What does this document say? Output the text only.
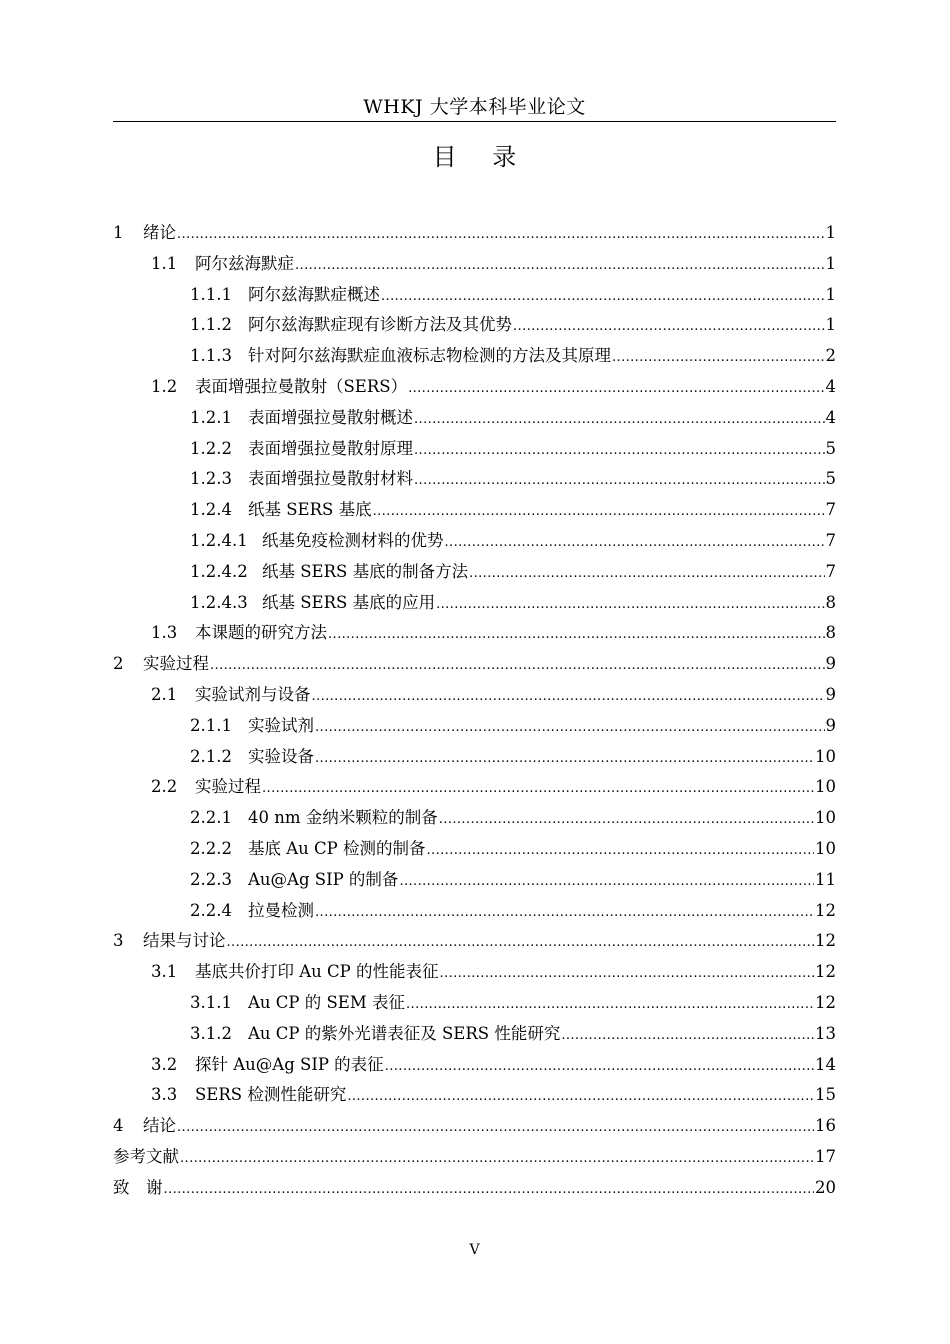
WHKJ 大学本科毕业论文
目 录
1	绪论 .....	1
1.1	阿尔兹海默症 .....	1
1.1.1 阿尔兹海默症概述 .....	1
1.1.2 阿尔兹海默症现有诊断方法及其优势 .....	1
1.1.3 针对阿尔兹海默症血液标志物检测的方法及其原理 .....	2
1.2	表面增强拉曼散射（SERS） .....	4
1.2.1 表面增强拉曼散射概述 .....	4
1.2.2 表面增强拉曼散射原理 .....	5
1.2.3 表面增强拉曼散射材料 .....	5
1.2.4 纸基 SERS 基底 .....	7
1.2.4.1 纸基免疫检测材料的优势 .....	7
1.2.4.2 纸基 SERS 基底的制备方法 .....	7
1.2.4.3 纸基 SERS 基底的应用 .....	8
1.3	本课题的研究方法 .....	8
2	实验过程 .....	9
2.1	实验试剂与设备 .....	9
2.1.1 实验试剂 .....	9
2.1.2 实验设备 .....	10
2.2	实验过程 .....	10
2.2.1 40 nm 金纳米颗粒的制备 .....	10
2.2.2 基底 Au CP 检测的制备 .....	10
2.2.3 Au@Ag SIP 的制备 .....	11
2.2.4 拉曼检测 .....	12
3	结果与讨论 .....	12
3.1	基底共价打印 Au CP 的性能表征 .....	12
3.1.1 Au CP 的 SEM 表征 .....	12
3.1.2 Au CP 的紫外光谱表征及 SERS 性能研究 .....	13
3.2	探针 Au@Ag SIP 的表征 .....	14
3.3	SERS 检测性能研究 .....	15
4	结论 .....	16
参考文献 .....	17
致　谢 .....	20
V
